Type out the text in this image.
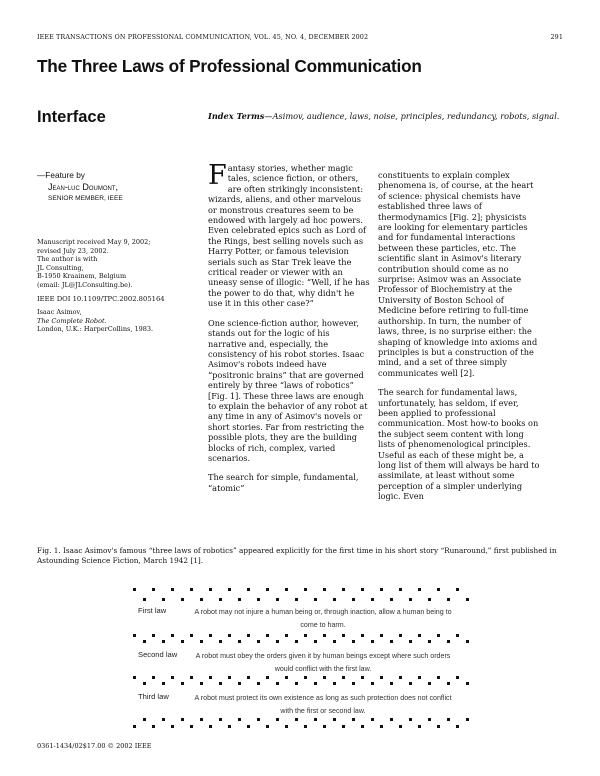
IEEE TRANSACTIONS ON PROFESSIONAL COMMUNICATION, VOL. 45, NO. 4, DECEMBER 2002	291
The Three Laws of Professional Communication
Interface	Index Terms—Asimov, audience, laws, noise, principles, redundancy, robots, signal.
—Feature by
Jean-luc Doumont,
SENIOR MEMBER, IEEE

Manuscript received May 9, 2002;

revised July 23, 2002.

The author is with

JL Consulting,

B-1950 Kraainem, Belgium

(email: JL@JLConsulting.be).

IEEE DOI 10.1109/TPC.2002.805164

Isaac Asimov,

The Complete Robot.

London, U.K.: HarperCollins, 1983.

Fantasy stories, whether magic tales, science fiction, or others, are often strikingly inconsistent: wizards, aliens, and other marvelous or monstrous creatures seem to be endowed with largely ad hoc powers. Even celebrated epics such as Lord of the Rings, best selling novels such as Harry Potter, or famous television serials such as Star Trek leave the critical reader or viewer with an uneasy sense of illogic: “Well, if he has the power to do that, why didn't he use it in this other case?”

One science-fiction author, however, stands out for the logic of his narrative and, especially, the consistency of his robot stories. Isaac Asimov's robots indeed have “positronic brains” that are governed entirely by three “laws of robotics” [Fig. 1]. These three laws are enough to explain the behavior of any robot at any time in any of Asimov's novels or short stories. Far from restricting the possible plots, they are the building blocks of rich, complex, varied scenarios.

The search for simple, fundamental, “atomic”

constituents to explain complex phenomena is, of course, at the heart of science: physical chemists have established three laws of thermodynamics [Fig. 2]; physicists are looking for elementary particles and for fundamental interactions between these particles, etc. The scientific slant in Asimov's literary contribution should come as no surprise: Asimov was an Associate Professor of Biochemistry at the University of Boston School of Medicine before retiring to full-time authorship. In turn, the number of laws, three, is no surprise either: the shaping of knowledge into axioms and principles is but a construction of the mind, and a set of three simply communicates well [2].

The search for fundamental laws, unfortunately, has seldom, if ever, been applied to professional communication. Most how-to books on the subject seem content with long lists of phenomenological principles. Useful as each of these might be, a long list of them will always be hard to assimilate, at least without some perception of a simpler underlying logic. Even

Fig. 1. Isaac Asimov's famous “three laws of robotics” appeared explicitly for the first time in his short story “Runaround,” first published in Astounding Science Fiction, March 1942 [1].
First law	A robot may not injure a human being or, through inaction, allow a human being to come to harm.
Second law	A robot must obey the orders given it by human beings except where such orders would conflict with the first law.
Third law	A robot must protect its own existence as long as such protection does not conflict with the first or second law.
0361-1434/02$17.00 © 2002 IEEE
